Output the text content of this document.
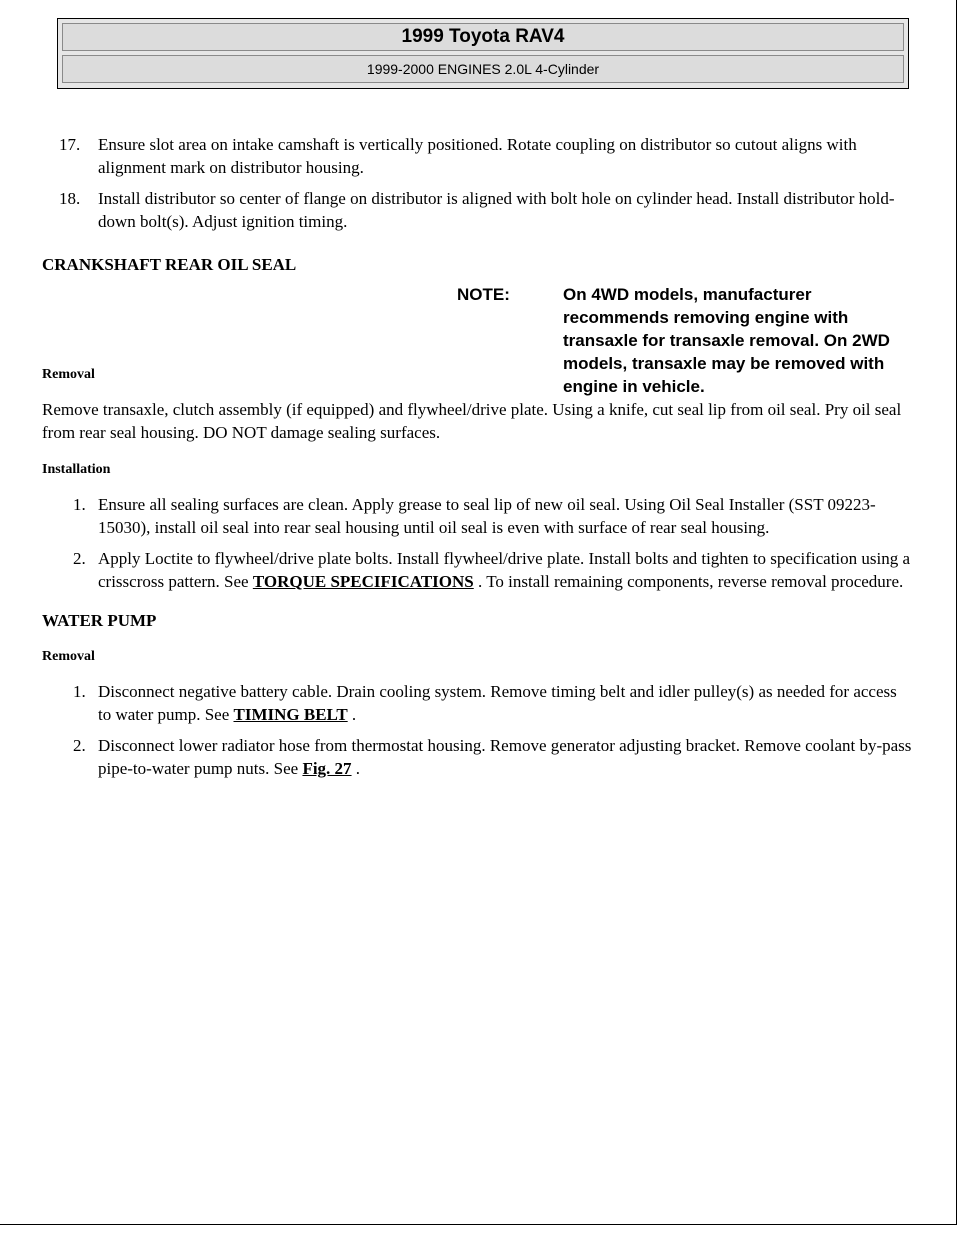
1999 Toyota RAV4
1999-2000 ENGINES 2.0L 4-Cylinder
17. Ensure slot area on intake camshaft is vertically positioned. Rotate coupling on distributor so cutout aligns with alignment mark on distributor housing.
18. Install distributor so center of flange on distributor is aligned with bolt hole on cylinder head. Install distributor hold-down bolt(s). Adjust ignition timing.
CRANKSHAFT REAR OIL SEAL
Removal

Remove transaxle, clutch assembly (if equipped) and flywheel/drive plate. Using a knife, cut seal lip from oil seal. Pry oil seal from rear seal housing. DO NOT damage sealing surfaces.

Installation
1. Ensure all sealing surfaces are clean. Apply grease to seal lip of new oil seal. Using Oil Seal Installer (SST 09223-15030), install oil seal into rear seal housing until oil seal is even with surface of rear seal housing.
2. Apply Loctite to flywheel/drive plate bolts. Install flywheel/drive plate. Install bolts and tighten to specification using a crisscross pattern. See TORQUE SPECIFICATIONS . To install remaining components, reverse removal procedure.
WATER PUMP
Removal
1. Disconnect negative battery cable. Drain cooling system. Remove timing belt and idler pulley(s) as needed for access to water pump. See TIMING BELT .
2. Disconnect lower radiator hose from thermostat housing. Remove generator adjusting bracket. Remove coolant by-pass pipe-to-water pump nuts. See Fig. 27 .
NOTE:	On 4WD models, manufacturer recommends removing engine with transaxle for transaxle removal. On 2WD models, transaxle may be removed with engine in vehicle.
